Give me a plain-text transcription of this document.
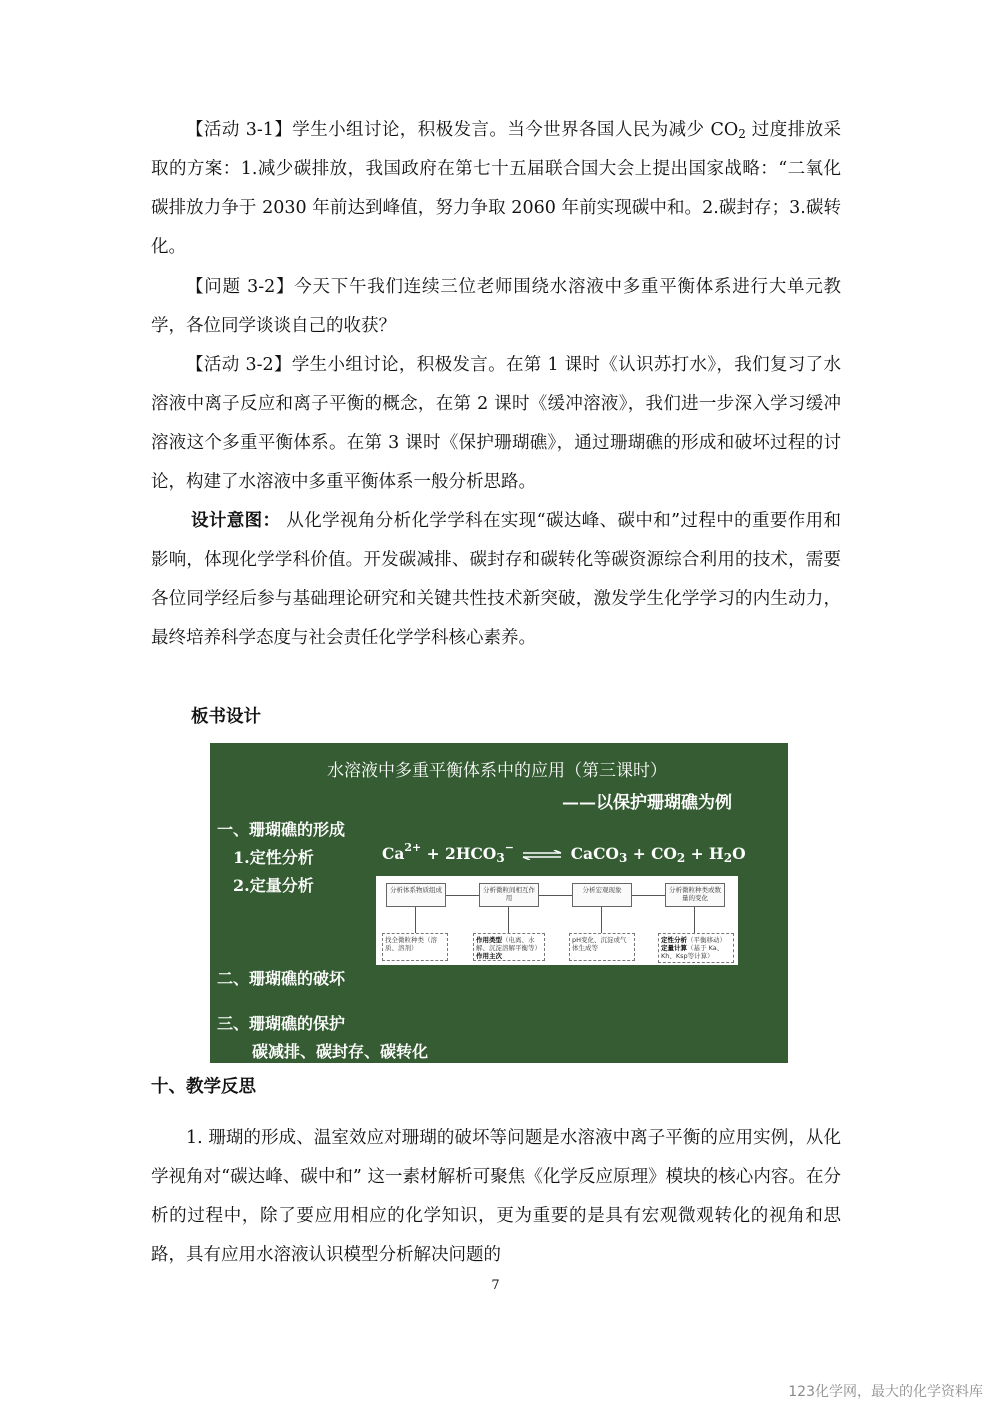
【活动 3-1】学生小组讨论，积极发言。当今世界各国人民为减少 $CO_2$ 过度排放采取的方案：1.减少碳排放，我国政府在第七十五届联合国大会上提出国家战略：“二氧化碳排放力争于 2030 年前达到峰值，努力争取 2060 年前实现碳中和。2.碳封存；3.碳转化。

【问题 3-2】今天下午我们连续三位老师围绕水溶液中多重平衡体系进行大单元教学，各位同学谈谈自己的收获？

【活动 3-2】学生小组讨论，积极发言。在第 1 课时《认识苏打水》，我们复习了水溶液中离子反应和离子平衡的概念，在第 2 课时《缓冲溶液》，我们进一步深入学习缓冲溶液这个多重平衡体系。在第 3 课时《保护珊瑚礁》，通过珊瑚礁的形成和破坏过程的讨论，构建了水溶液中多重平衡体系一般分析思路。

设计意图： 从化学视角分析化学学科在实现“碳达峰、碳中和”过程中的重要作用和影响，体现化学学科价值。开发碳减排、碳封存和碳转化等碳资源综合利用的技术，需要各位同学经后参与基础理论研究和关键共性技术新突破，激发学生化学学习的内生动力，最终培养科学态度与社会责任化学学科核心素养。

板书设计
水溶液中多重平衡体系中的应用（第三课时）
——以保护珊瑚礁为例
一、珊瑚礁的形成
1.定性分析
2.定量分析
$Ca^{2+} + 2HCO_3^-$ ⇌ CaCO$_3$ + $CO_2 + H_2O$
分析体系物质组成	分析微粒间相互作用
分析宏观现象	分析微粒种类或数量的变化
找全微粒种类（溶质、溶剂）
作用类型（电离、水解、沉淀溶解平衡等）作用主次
pH变化、沉淀或气体生成等
定性分析（平衡移动）
定量计算（基于 Ka、Kh、Ksp等计算）
二、珊瑚礁的破坏
三、珊瑚礁的保护
碳减排、碳封存、碳转化
十、教学反思

1. 珊瑚的形成、温室效应对珊瑚的破坏等问题是水溶液中离子平衡的应用实例，从化学视角对“碳达峰、碳中和” 这一素材解析可聚焦《化学反应原理》模块的核心内容。在分析的过程中，除了要应用相应的化学知识，更为重要的是具有宏观微观转化的视角和思路，具有应用水溶液认识模型分析解决问题的

7
123化学网，最大的化学资料库
